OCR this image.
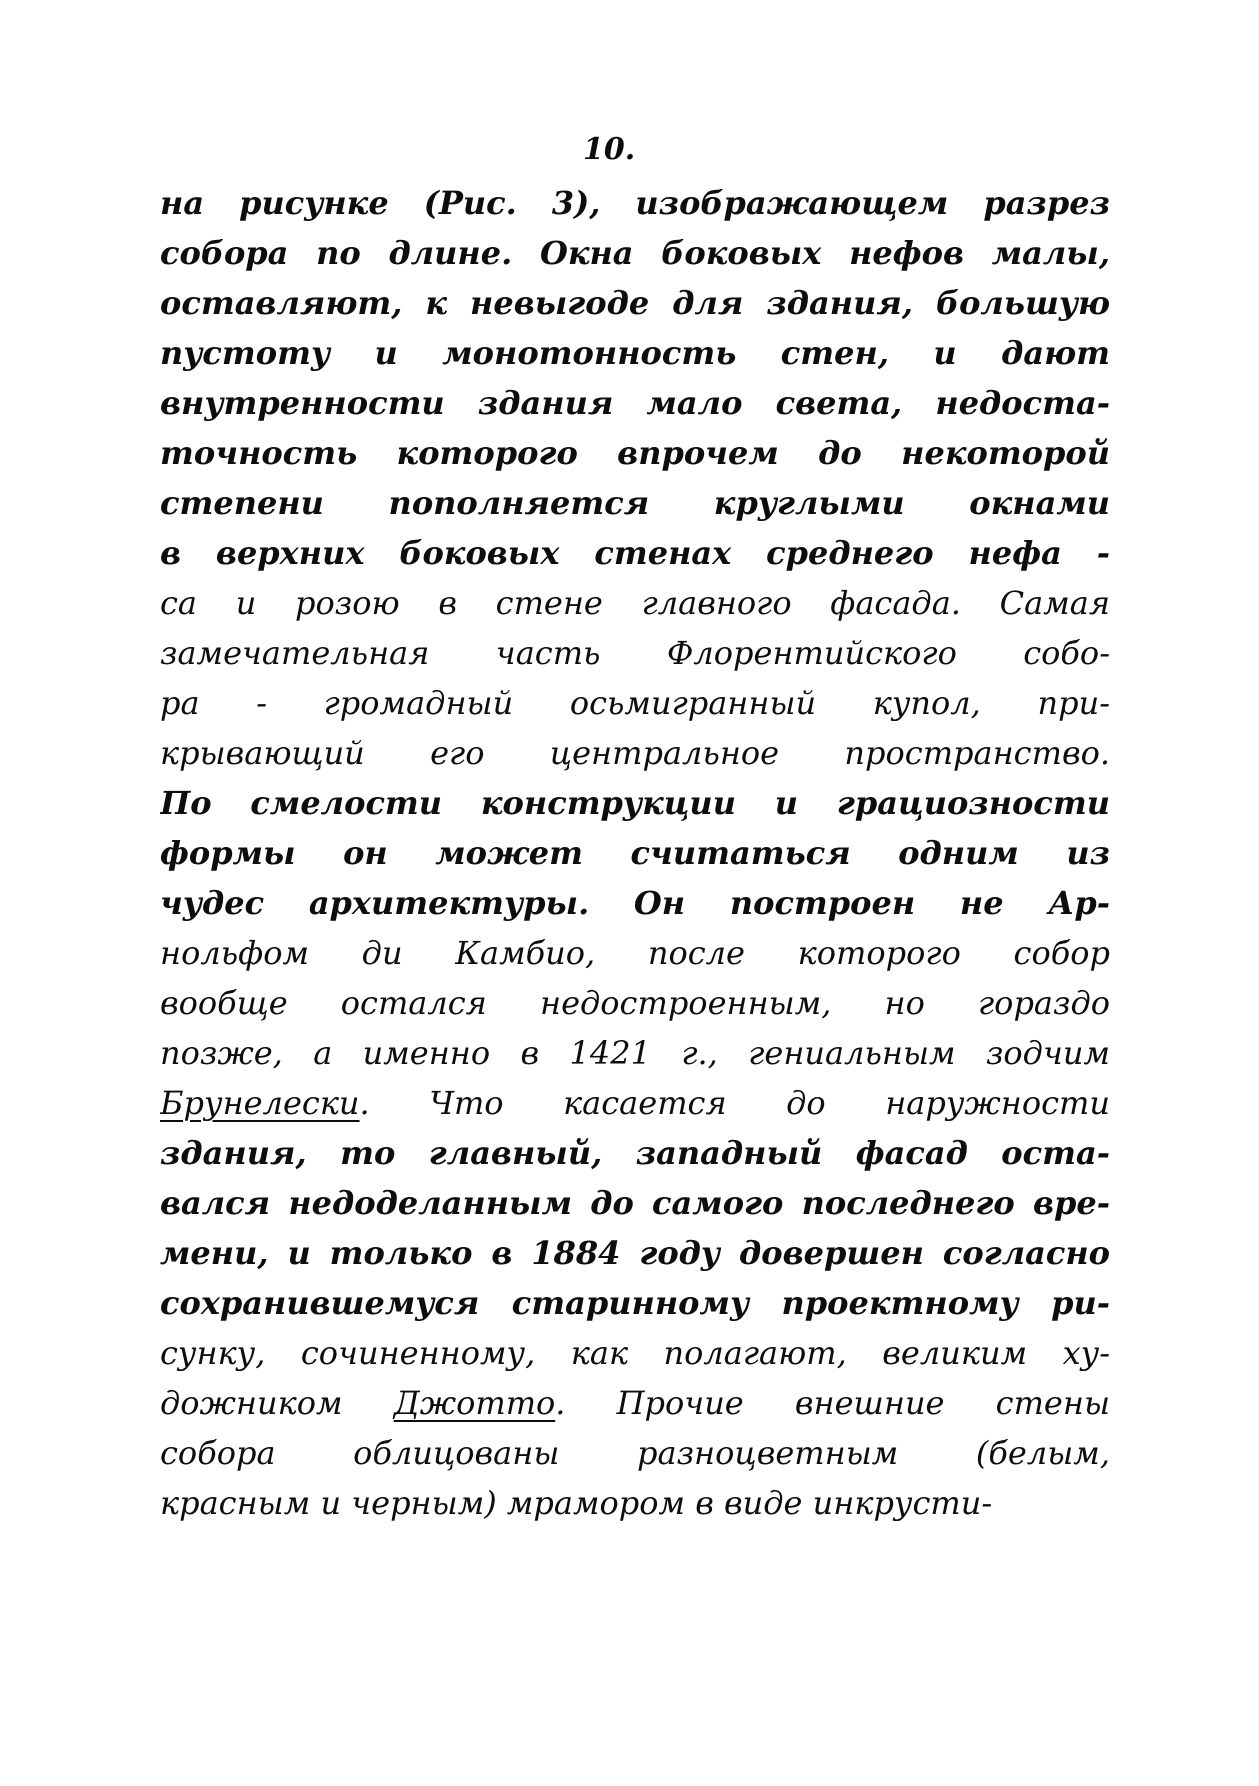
10.
на рисунке (Рис. 3), изображающем разрез
собора по длине. Окна боковых нефов малы,
оставляют, к невыгоде для здания, большую
пустоту и монотонность стен, и дают
внутренности здания мало света, недоста-
точность которого впрочем до некоторой
степени пополняется круглыми окнами
в верхних боковых стенах среднего нефа -
са и розою в стене главного фасада. Самая
замечательная часть Флорентийского собо-
ра - громадный осьмигранный купол, при-
крывающий его центральное пространство.
По смелости конструкции и грациозности
формы он может считаться одним из
чудес архитектуры. Он построен не Ар-
нольфом ди Камбио, после которого собор
вообще остался недостроенным, но гораздо
позже, а именно в 1421 г., гениальным зодчим
Брунелески. Что касается до наружности
здания, то главный, западный фасад оста-
вался недоделанным до самого последнего вре-
мени, и только в 1884 году довершен согласно
сохранившемуся старинному проектному ри-
сунку, сочиненному, как полагают, великим ху-
дожником Джотто. Прочие внешние стены
собора облицованы разноцветным (белым,
красным и черным) мрамором в виде инкрусти-
